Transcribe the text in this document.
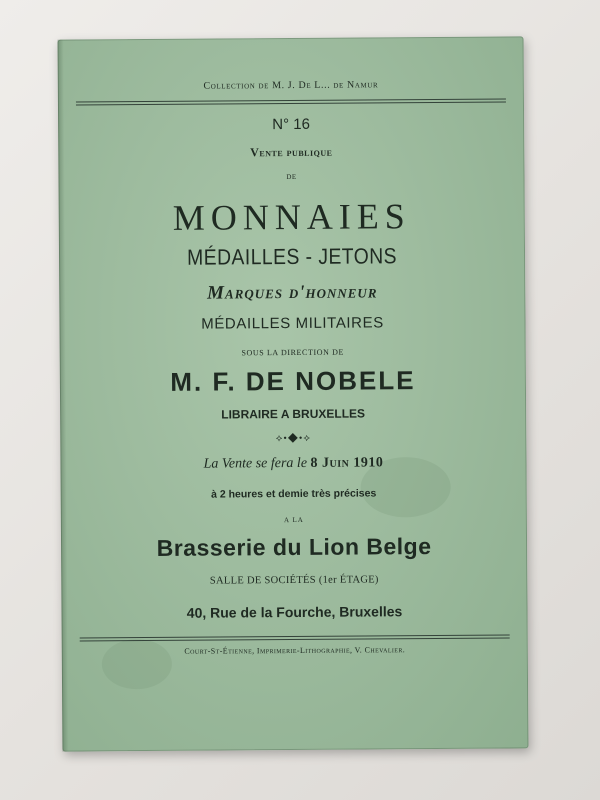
Collection de M. J. De L... de Namur
N° 16
Vente publique
DE
MONNAIES
MÉDAILLES - JETONS
Marques d'honneur
MÉDAILLES MILITAIRES
SOUS LA DIRECTION DE
M. F. DE NOBELE
LIBRAIRE A BRUXELLES
⟡•◆•⟡
La Vente se fera le 8 Juin 1910
à 2 heures et demie très précises
A LA
Brasserie du Lion Belge
SALLE DE SOCIÉTÉS (1er ÉTAGE)
40, Rue de la Fourche, Bruxelles
Court-St-Étienne, Imprimerie-Lithographie, V. Chevalier.
